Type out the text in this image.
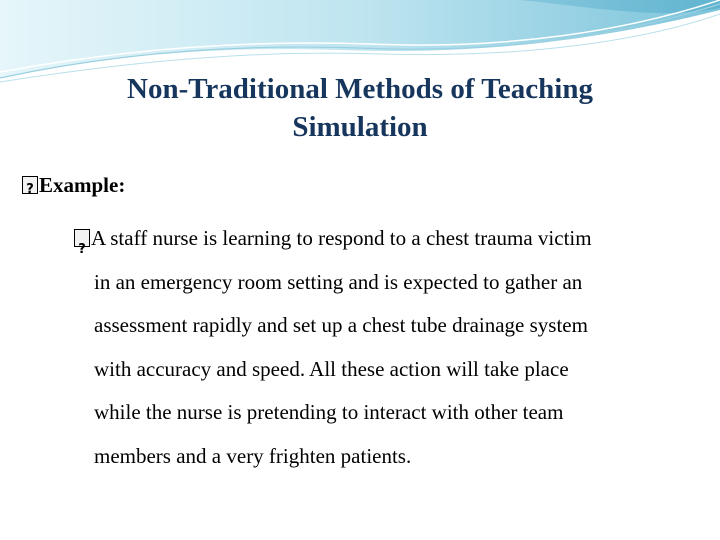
Non-Traditional Methods of Teaching
Simulation
?Example:
?A staff nurse is learning to respond to a chest trauma victim
in an emergency room setting and is expected to gather an
assessment rapidly and set up a chest tube drainage system
with accuracy and speed. All these action will take place
while the nurse is pretending to interact with other team
members and a very frighten patients.
